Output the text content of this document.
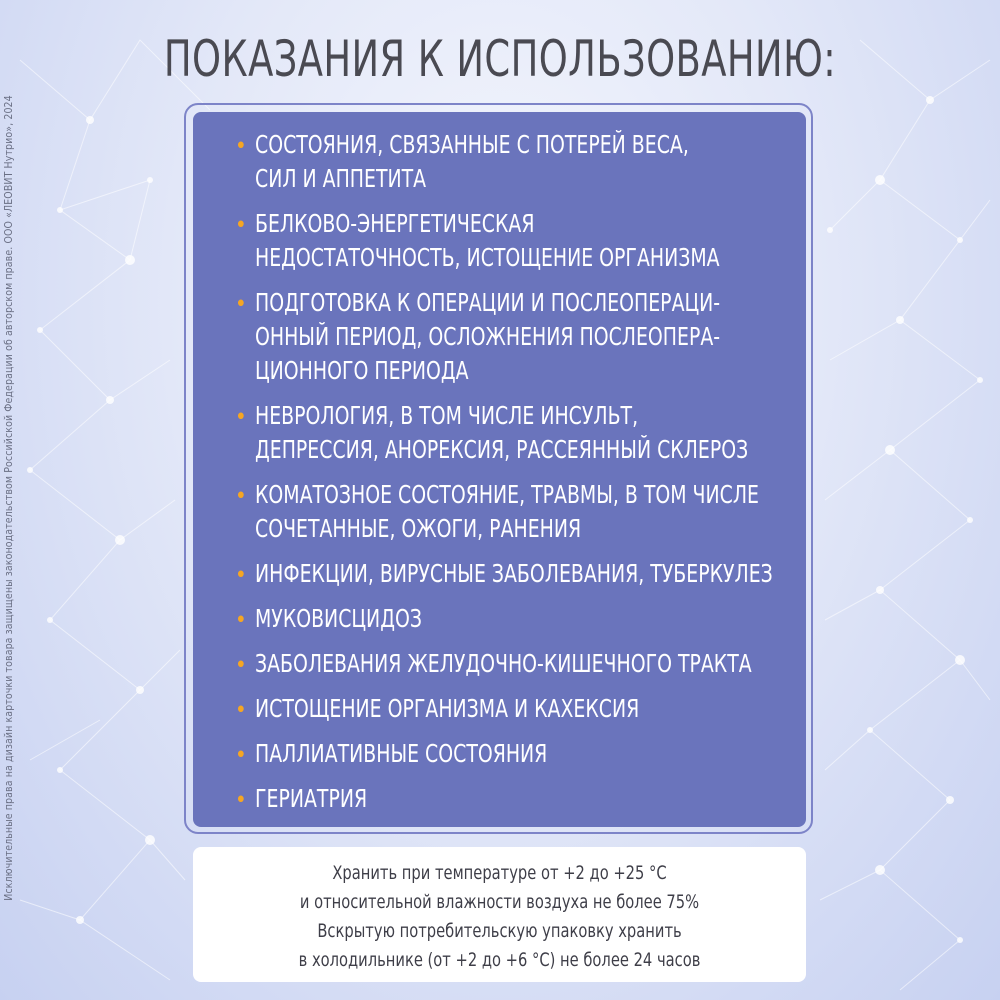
Исключительные права на дизайн карточки товара защищены законодательством Российской Федерации об авторском праве. ООО «ЛЕОВИТ Нутрио», 2024
ПОКАЗАНИЯ К ИСПОЛЬЗОВАНИЮ:
• СОСТОЯНИЯ, СВЯЗАННЫЕ С ПОТЕРЕЙ ВЕСА,
СИЛ И АППЕТИТА
• БЕЛКОВО-ЭНЕРГЕТИЧЕСКАЯ
НЕДОСТАТОЧНОСТЬ, ИСТОЩЕНИЕ ОРГАНИЗМА
• ПОДГОТОВКА К ОПЕРАЦИИ И ПОСЛЕОПЕРАЦИ-
ОННЫЙ ПЕРИОД, ОСЛОЖНЕНИЯ ПОСЛЕОПЕРА-
ЦИОННОГО ПЕРИОДА
• НЕВРОЛОГИЯ, В ТОМ ЧИСЛЕ ИНСУЛЬТ,
ДЕПРЕССИЯ, АНОРЕКСИЯ, РАССЕЯННЫЙ СКЛЕРОЗ
• КОМАТОЗНОЕ СОСТОЯНИЕ, ТРАВМЫ, В ТОМ ЧИСЛЕ
СОЧЕТАННЫЕ, ОЖОГИ, РАНЕНИЯ
• ИНФЕКЦИИ, ВИРУСНЫЕ ЗАБОЛЕВАНИЯ, ТУБЕРКУЛЕЗ
• МУКОВИСЦИДОЗ
• ЗАБОЛЕВАНИЯ ЖЕЛУДОЧНО-КИШЕЧНОГО ТРАКТА
• ИСТОЩЕНИЕ ОРГАНИЗМА И КАХЕКСИЯ
• ПАЛЛИАТИВНЫЕ СОСТОЯНИЯ
• ГЕРИАТРИЯ
Хранить при температуре от +2 до +25 °С
и относительной влажности воздуха не более 75%
Вскрытую потребительскую упаковку хранить
в холодильнике (от +2 до +6 °С) не более 24 часов
